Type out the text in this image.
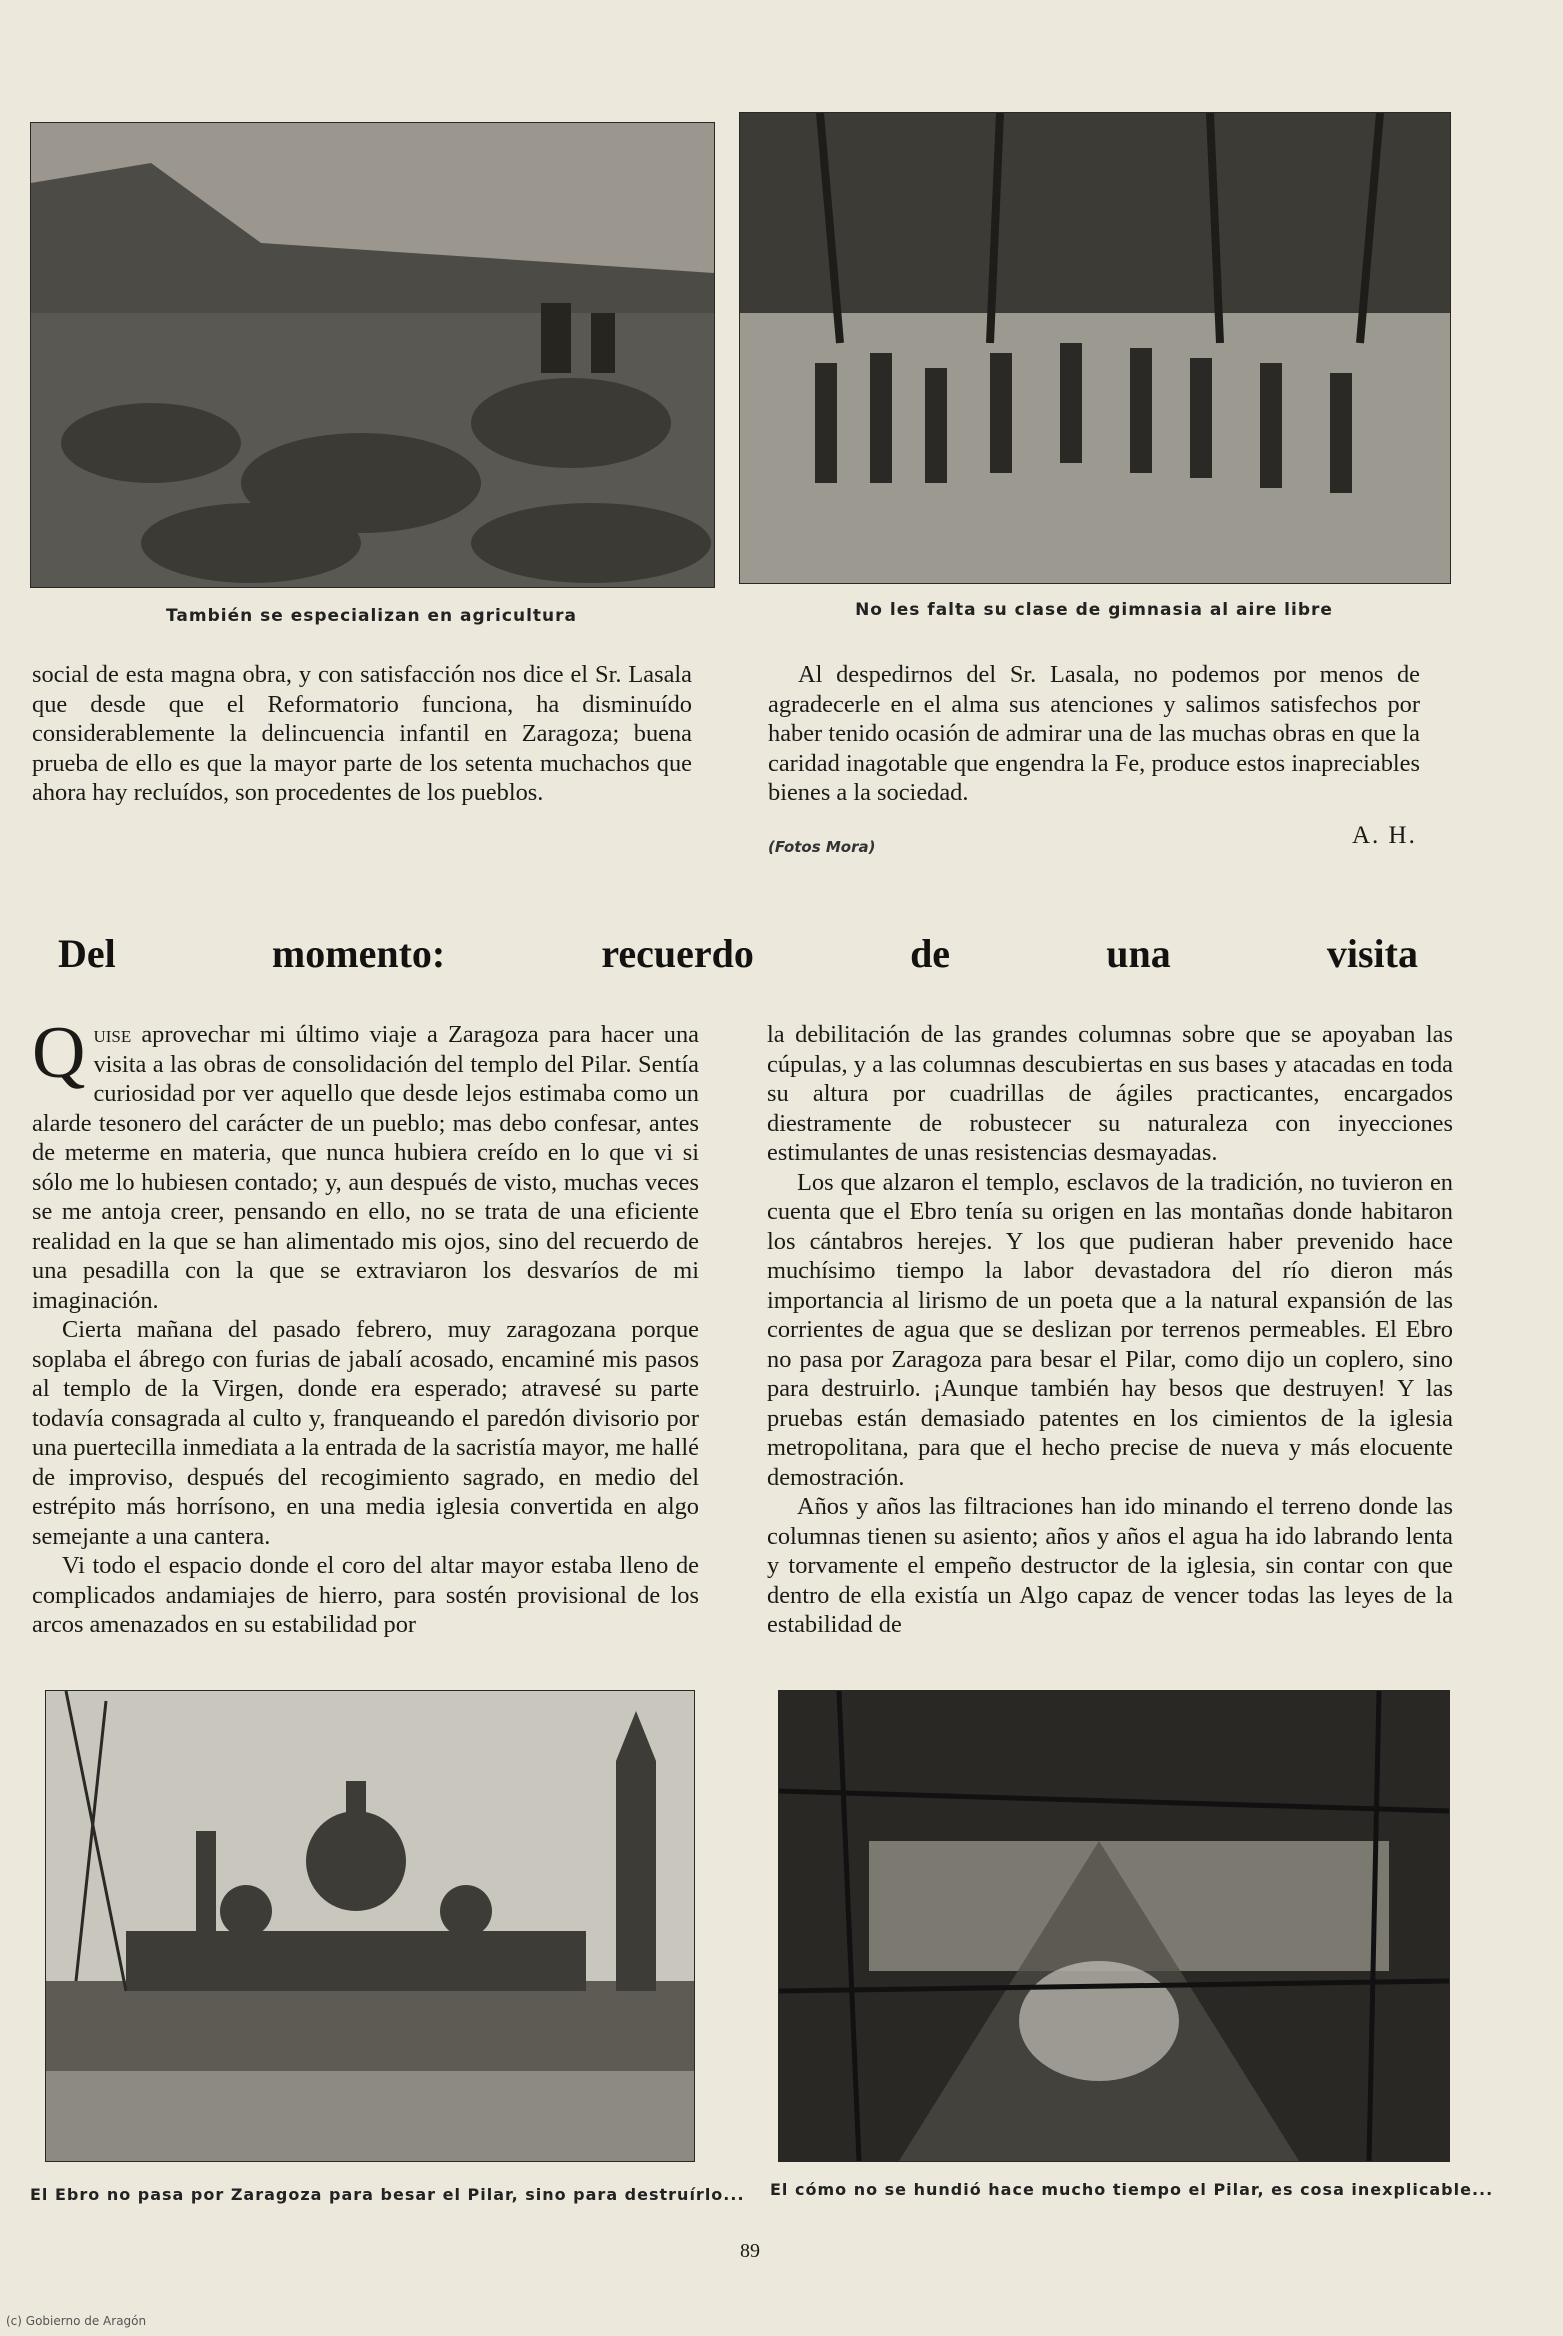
También se especializan en agricultura	No les falta su clase de gimnasia al aire libre

social de esta magna obra, y con satisfacción nos dice el Sr. Lasala que desde que el Reformatorio funciona, ha disminuído considerablemente la delincuencia infantil en Zaragoza; buena prueba de ello es que la mayor parte de los setenta muchachos que ahora hay recluídos, son procedentes de los pueblos.

Al despedirnos del Sr. Lasala, no podemos por menos de agradecerle en el alma sus atenciones y salimos satisfechos por haber tenido ocasión de admirar una de las muchas obras en que la caridad inagotable que engendra la Fe, produce estos inapreciables bienes a la sociedad.

(Fotos Mora)	A. H.
Del	momento:	recuerdo	de	una	visita

Quise aprovechar mi último viaje a Zaragoza para hacer una visita a las obras de consolidación del templo del Pilar. Sentía curiosidad por ver aquello que desde lejos estimaba como un alarde tesonero del carácter de un pueblo; mas debo confesar, antes de meterme en materia, que nunca hubiera creído en lo que vi si sólo me lo hubiesen contado; y, aun después de visto, muchas veces se me antoja creer, pensando en ello, no se trata de una eficiente realidad en la que se han alimentado mis ojos, sino del recuerdo de una pesadilla con la que se extraviaron los desvaríos de mi imaginación.

Cierta mañana del pasado febrero, muy zaragozana porque soplaba el ábrego con furias de jabalí acosado, encaminé mis pasos al templo de la Virgen, donde era esperado; atravesé su parte todavía consagrada al culto y, franqueando el paredón divisorio por una puertecilla inmediata a la entrada de la sacristía mayor, me hallé de improviso, después del recogimiento sagrado, en medio del estrépito más horrísono, en una media iglesia convertida en algo semejante a una cantera.

Vi todo el espacio donde el coro del altar mayor estaba lleno de complicados andamiajes de hierro, para sostén provisional de los arcos amenazados en su estabilidad por

la debilitación de las grandes columnas sobre que se apoyaban las cúpulas, y a las columnas descubiertas en sus bases y atacadas en toda su altura por cuadrillas de ágiles practicantes, encargados diestramente de robustecer su naturaleza con inyecciones estimulantes de unas resistencias desmayadas.

Los que alzaron el templo, esclavos de la tradición, no tuvieron en cuenta que el Ebro tenía su origen en las montañas donde habitaron los cántabros herejes. Y los que pudieran haber prevenido hace muchísimo tiempo la labor devastadora del río dieron más importancia al lirismo de un poeta que a la natural expansión de las corrientes de agua que se deslizan por terrenos permeables. El Ebro no pasa por Zaragoza para besar el Pilar, como dijo un coplero, sino para destruirlo. ¡Aunque también hay besos que destruyen! Y las pruebas están demasiado patentes en los cimientos de la iglesia metropolitana, para que el hecho precise de nueva y más elocuente demostración.

Años y años las filtraciones han ido minando el terreno donde las columnas tienen su asiento; años y años el agua ha ido labrando lenta y torvamente el empeño destructor de la iglesia, sin contar con que dentro de ella existía un Algo capaz de vencer todas las leyes de la estabilidad de

El Ebro no pasa por Zaragoza para besar el Pilar, sino para destruírlo... El cómo no se hundió hace mucho tiempo el Pilar, es cosa inexplicable...
89
(c) Gobierno de Aragón
